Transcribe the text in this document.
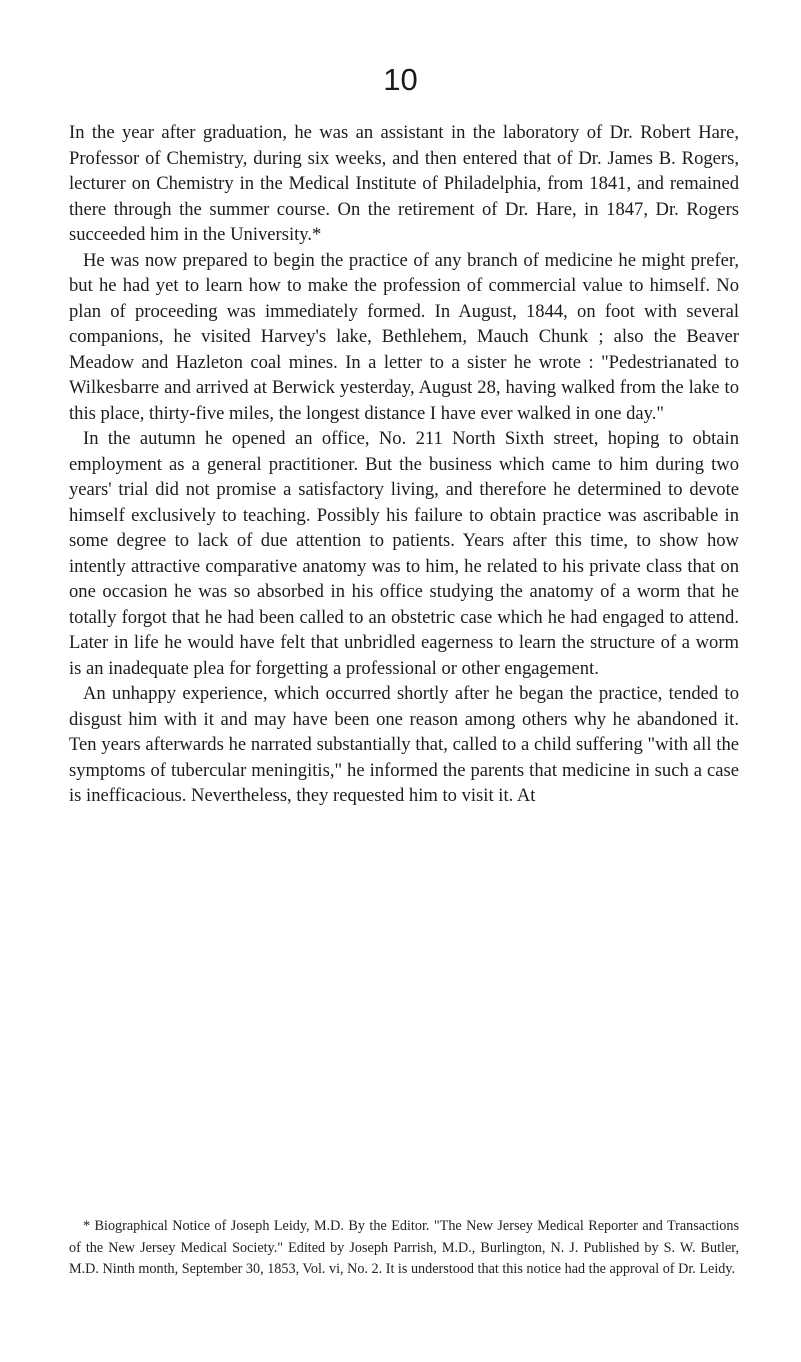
10

In the year after graduation, he was an assistant in the laboratory of Dr. Robert Hare, Professor of Chemistry, during six weeks, and then entered that of Dr. James B. Rogers, lecturer on Chemistry in the Medical Institute of Philadelphia, from 1841, and remained there through the summer course. On the retirement of Dr. Hare, in 1847, Dr. Rogers succeeded him in the University.*

He was now prepared to begin the practice of any branch of medicine he might prefer, but he had yet to learn how to make the profession of commercial value to himself. No plan of proceeding was immediately formed. In August, 1844, on foot with several companions, he visited Harvey's lake, Bethlehem, Mauch Chunk ; also the Beaver Meadow and Hazleton coal mines. In a letter to a sister he wrote : "Pedestrianated to Wilkesbarre and arrived at Berwick yesterday, August 28, having walked from the lake to this place, thirty-five miles, the longest distance I have ever walked in one day."

In the autumn he opened an office, No. 211 North Sixth street, hoping to obtain employment as a general practitioner. But the business which came to him during two years' trial did not promise a satisfactory living, and therefore he determined to devote himself exclusively to teaching. Possibly his failure to obtain practice was ascribable in some degree to lack of due attention to patients. Years after this time, to show how intently attractive comparative anatomy was to him, he related to his private class that on one occasion he was so absorbed in his office studying the anatomy of a worm that he totally forgot that he had been called to an obstetric case which he had engaged to attend. Later in life he would have felt that unbridled eagerness to learn the structure of a worm is an inadequate plea for forgetting a professional or other engagement.

An unhappy experience, which occurred shortly after he began the practice, tended to disgust him with it and may have been one reason among others why he abandoned it. Ten years afterwards he narrated substantially that, called to a child suffering "with all the symptoms of tubercular meningitis," he informed the parents that medicine in such a case is inefficacious. Nevertheless, they requested him to visit it. At

* Biographical Notice of Joseph Leidy, M.D. By the Editor. "The New Jersey Medical Reporter and Transactions of the New Jersey Medical Society." Edited by Joseph Parrish, M.D., Burlington, N. J. Published by S. W. Butler, M.D. Ninth month, September 30, 1853, Vol. vi, No. 2. It is understood that this notice had the approval of Dr. Leidy.
